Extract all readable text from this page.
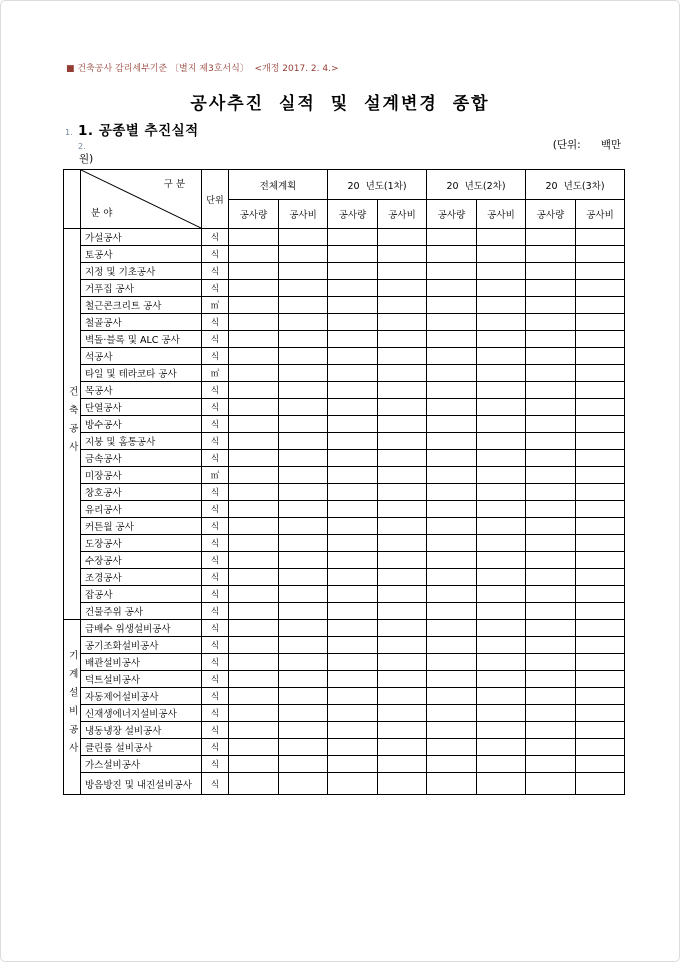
■ 건축공사 감리세부기준 〔별지 제3호서식〕  <개정 2017. 2. 4.>
공사추진 실적 및 설계변경 종합
1. 1. 공종별 추진실적
2.	(단위:      백만
원)

구 분

분 야	단위	전체계획		20  년도(1차)		20  년도(2차)		20  년도(3차)	
			공사량	공사비	공사량	공사비	공사량	공사비	공사량	공사비
건축공사	가설공사	식								
	토공사	식								
	지정 및 기초공사	식								
	거푸집 공사	식								
	철근콘크리트 공사	㎥								
	철골공사	식								
	벽돌·블록 및 ALC 공사	식								
	석공사	식								
	타일 및 테라코타 공사	㎡								
	목공사	식								
	단열공사	식								
	방수공사	식								
	지붕 및 홈통공사	식								
	금속공사	식								
	미장공사	㎡								
	창호공사	식								
	유리공사	식								
	커튼월 공사	식								
	도장공사	식								
	수장공사	식								
	조경공사	식								
	잡공사	식								
	건물주위 공사	식								
기계설비공사	급배수 위생설비공사	식								
	공기조화설비공사	식								
	배관설비공사	식								
	덕트설비공사	식								
	자동제어설비공사	식								
	신재생에너지설비공사	식								
	냉동냉장 설비공사	식								
	클린룸 설비공사	식								
	가스설비공사	식								
	방음방진 및 내진설비공사	식								
